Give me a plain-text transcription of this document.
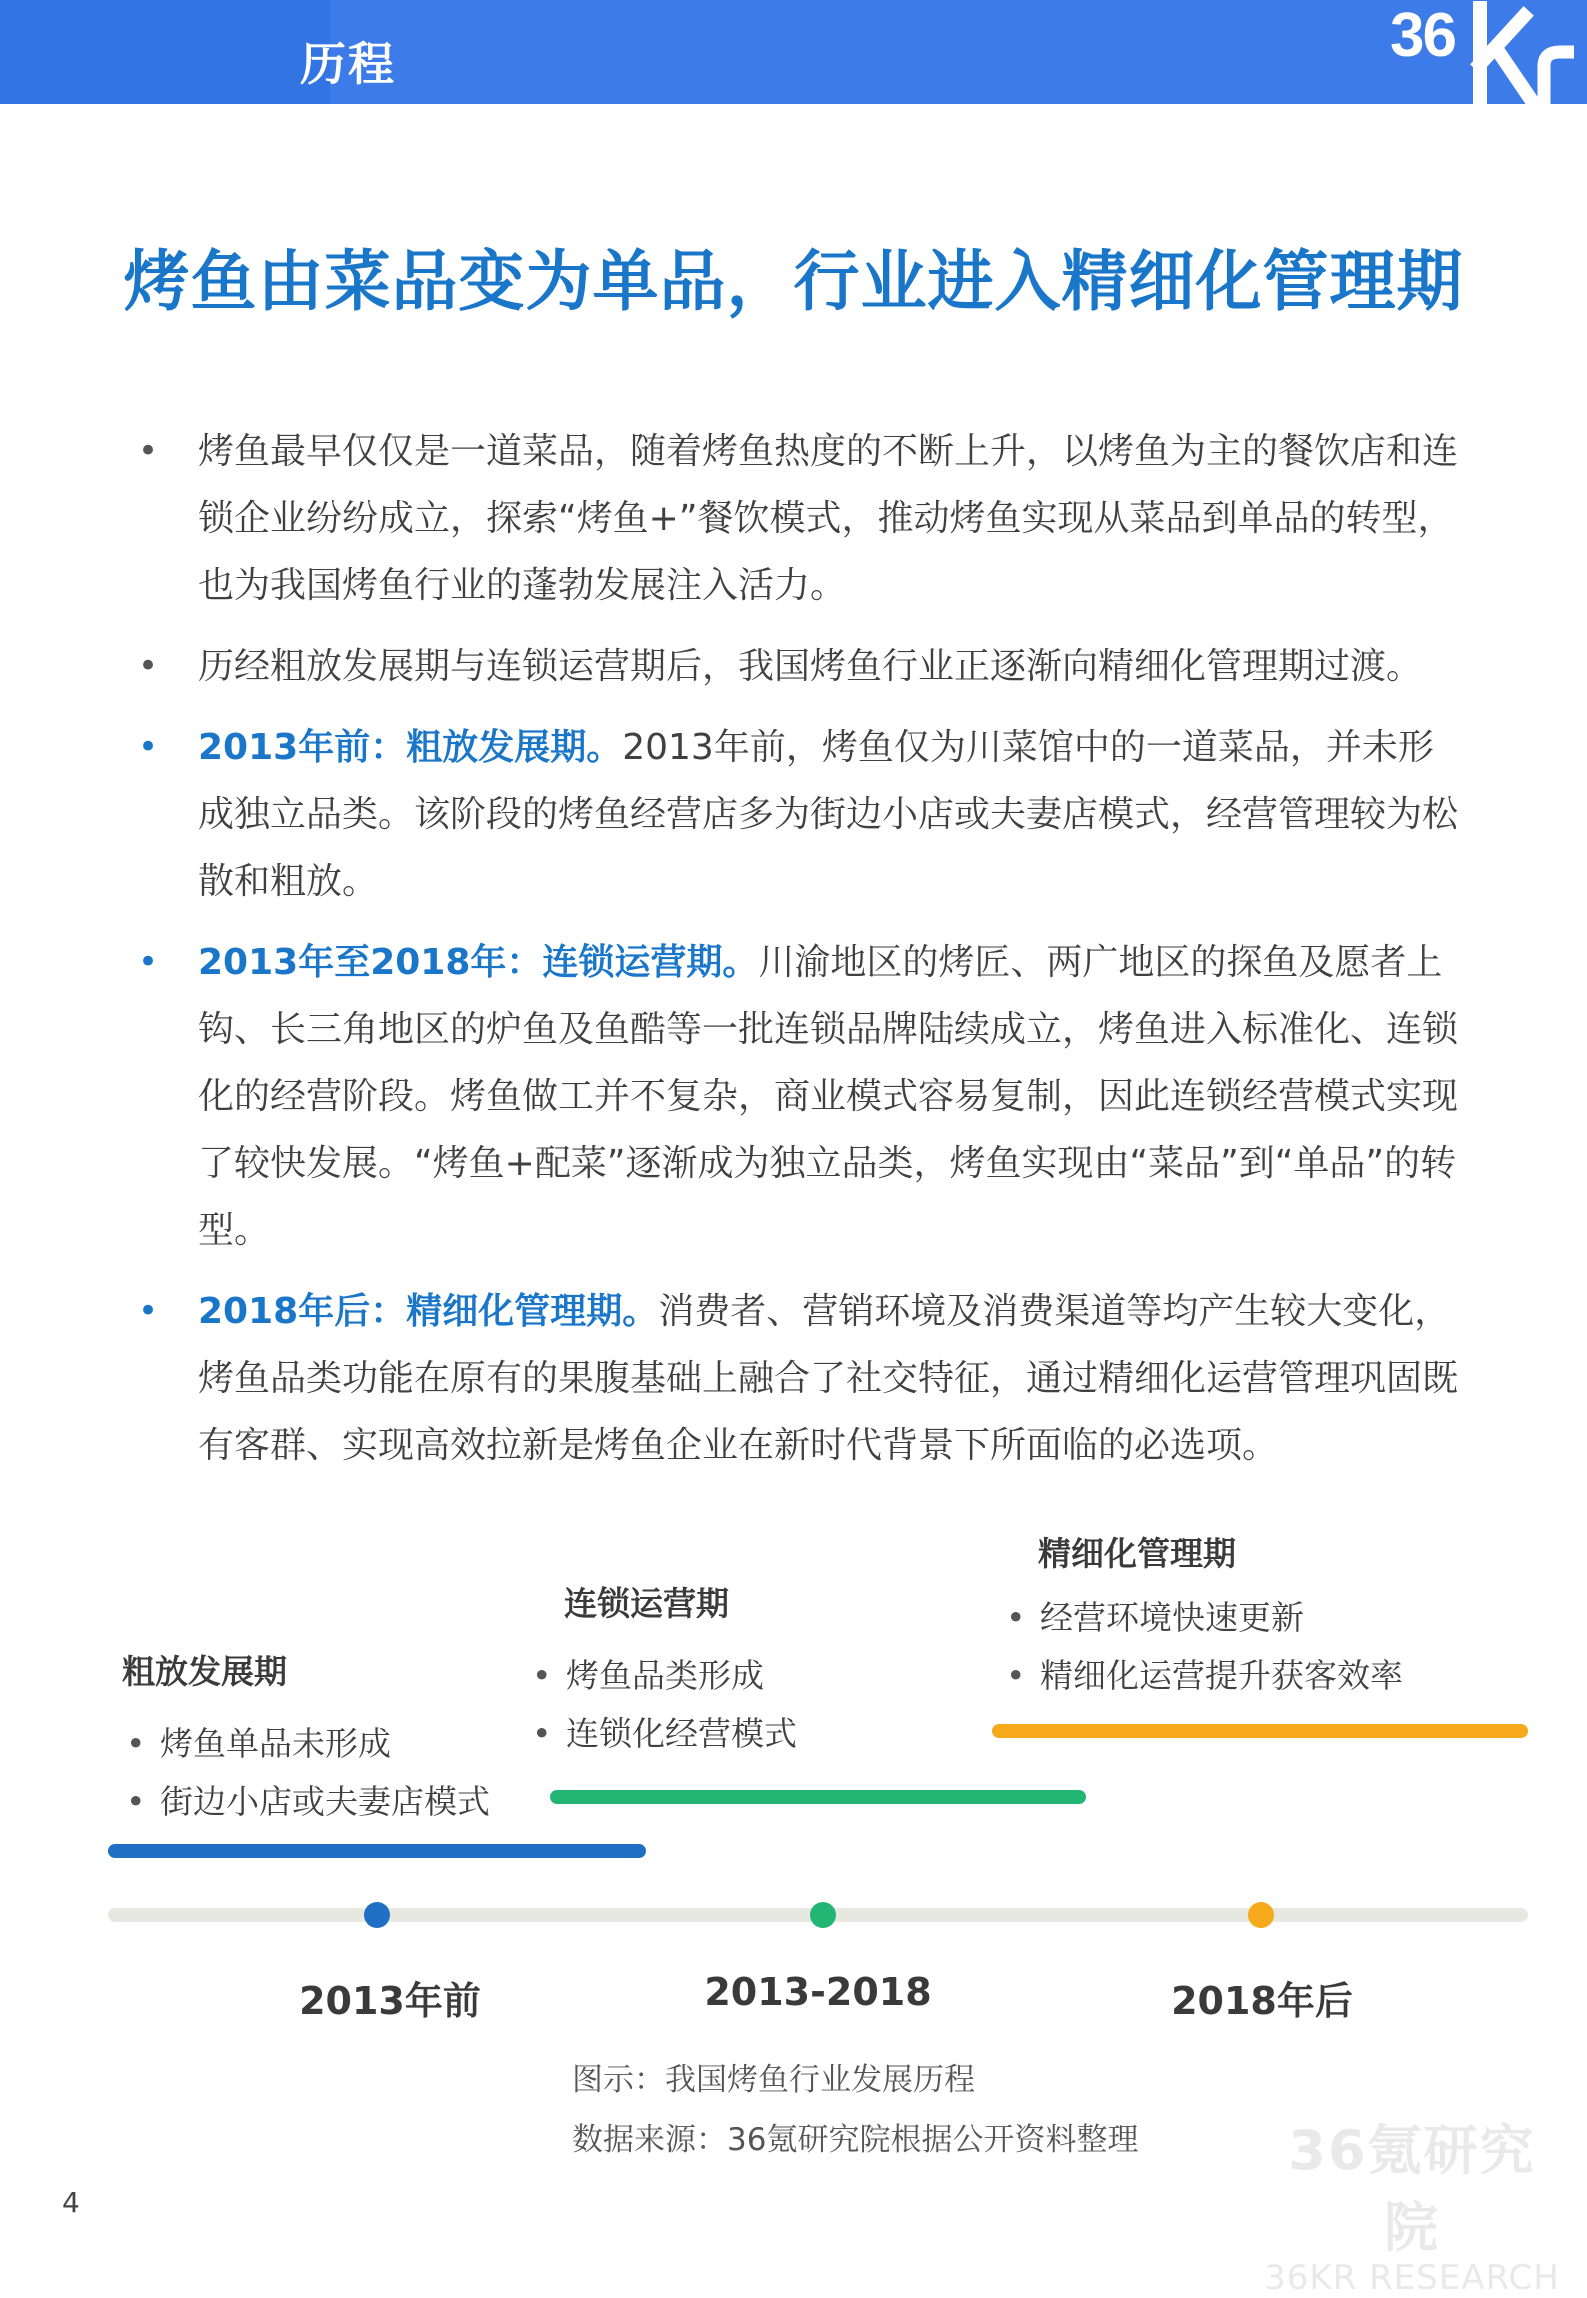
历程	36
烤鱼由菜品变为单品，行业进入精细化管理期
• 烤鱼最早仅仅是一道菜品，随着烤鱼热度的不断上升，以烤鱼为主的餐饮店和连锁企业纷纷成立，探索“烤鱼+”餐饮模式，推动烤鱼实现从菜品到单品的转型，也为我国烤鱼行业的蓬勃发展注入活力。
• 历经粗放发展期与连锁运营期后，我国烤鱼行业正逐渐向精细化管理期过渡。
• 2013年前：粗放发展期。2013年前，烤鱼仅为川菜馆中的一道菜品，并未形成独立品类。该阶段的烤鱼经营店多为街边小店或夫妻店模式，经营管理较为松散和粗放。
• 2013年至2018年：连锁运营期。川渝地区的烤匠、两广地区的探鱼及愿者上钩、长三角地区的炉鱼及鱼酷等一批连锁品牌陆续成立，烤鱼进入标准化、连锁化的经营阶段。烤鱼做工并不复杂，商业模式容易复制，因此连锁经营模式实现了较快发展。“烤鱼+配菜”逐渐成为独立品类，烤鱼实现由“菜品”到“单品”的转型。
• 2018年后：精细化管理期。消费者、营销环境及消费渠道等均产生较大变化，烤鱼品类功能在原有的果腹基础上融合了社交特征，通过精细化运营管理巩固既有客群、实现高效拉新是烤鱼企业在新时代背景下所面临的必选项。
粗放发展期
• 烤鱼单品未形成
• 街边小店或夫妻店模式
连锁运营期
• 烤鱼品类形成
• 连锁化经营模式
精细化管理期
• 经营环境快速更新
• 精细化运营提升获客效率
2013年前	2013-2018	2018年后
图示：我国烤鱼行业发展历程
数据来源：36氪研究院根据公开资料整理	36氪研究院
36KR RESEARCH
4
